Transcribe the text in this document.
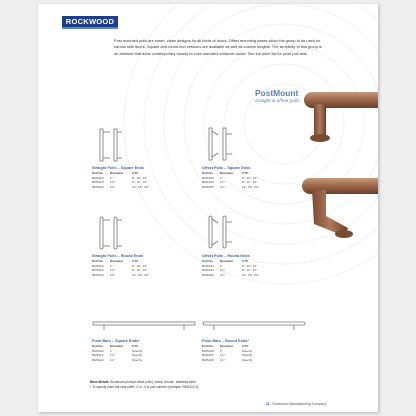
ROCKWOOD
Post mounted pulls are smart, clean designs for all kinds of doors. Offset mounting bases allow this group to be used on narrow stile doors. Square and round end versions are available as well as custom lengths. The simplicity of this group is an attribute that adds contemporary beauty to even standard entrance doors. See the price list for push pull sets.
PostMount
straight & offset pulls
Straight Pulls – Square Ends
Pull No.	Diameter	CTC
RM3103	1"	8", 10", 12"
RM3113	1¼"	8", 11", 16"
RM3123	1¼"	11", 16", 20"
Offset Pulls – Square Ends
Pull No.	Diameter	CTC
RM3130	1"	8", 10", 12"
RM3140	1¼"	8", 11", 16"
RM3150	1¼"	11", 16", 20"
Straight Pulls – Round Ends
Pull No.	Diameter	CTC
RM3104	1"	8", 10", 12"
RM3114	1¼"	8", 11", 16"
RM3124	1¼"	11", 16", 20"
Offset Pulls – Round Ends
Pull No.	Diameter	CTC
RM3134	1"	8", 10", 12"
RM3144	1¼"	8", 11", 16"
RM3154	1¼"	11", 16", 20"
Push Bars – Square Ends*
Pull No.	Diameter	CTC
RM3102	1"	Specify
RM3112	1¼"	Specify
RM3122	1¼"	Specify
Push Bars – Round Ends*
Pull No.	Diameter	CTC
RM3106	1"	Specify
RM3116	1¼"	Specify
RM3126	1¼"	Specify
Base Metals: Aluminum (except offset pulls), brass, bronze, stainless steel
* To specify push bar sets suffix -2 or -3 to pull number (example: RM3102-3)
11 Rockwood Manufacturing Company
